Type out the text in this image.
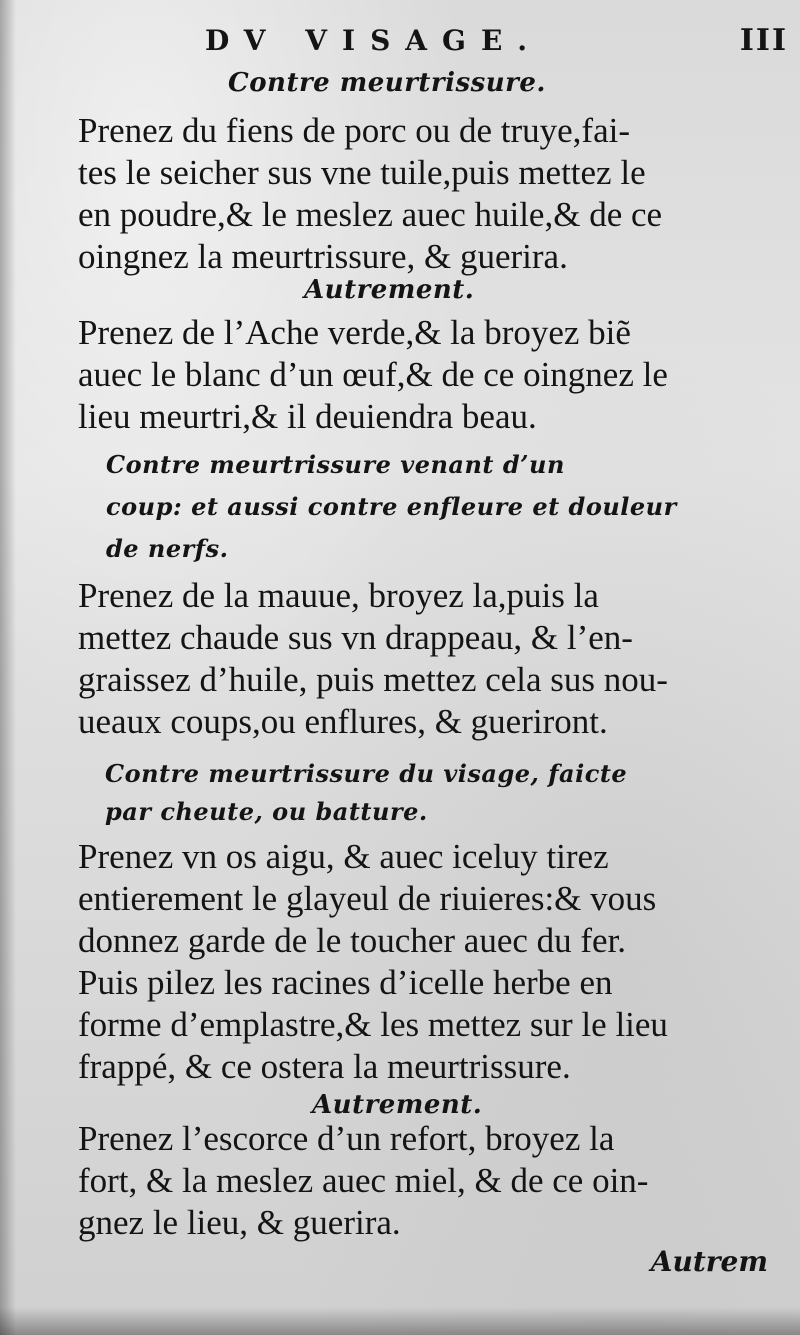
DV VISAGE.	III
Contre meurtrissure.
Prenez du fiens de porc ou de truye,fai-
tes le seicher sus vne tuile,puis mettez le
en poudre,& le meslez auec huile,& de ce
oingnez la meurtrissure, & guerira.
Autrement.
Prenez de l’Ache verde,& la broyez biẽ
auec le blanc d’un œuf,& de ce oingnez le
lieu meurtri,& il deuiendra beau.
Contre meurtrissure venant d’un
coup: et aussi contre enfleure et douleur
de nerfs.
Prenez de la mauue, broyez la,puis la
mettez chaude sus vn drappeau, & l’en-
graissez d’huile, puis mettez cela sus nou-
ueaux coups,ou enflures, & gueriront.
Contre meurtrissure du visage, faicte
par cheute, ou batture.
Prenez vn os aigu, & auec iceluy tirez
entierement le glayeul de riuieres:& vous
donnez garde de le toucher auec du fer.
Puis pilez les racines d’icelle herbe en
forme d’emplastre,& les mettez sur le lieu
frappé, & ce ostera la meurtrissure.
Autrement.
Prenez l’escorce d’un refort, broyez la
fort, & la meslez auec miel, & de ce oin-
gnez le lieu, & guerira.
Autrem
